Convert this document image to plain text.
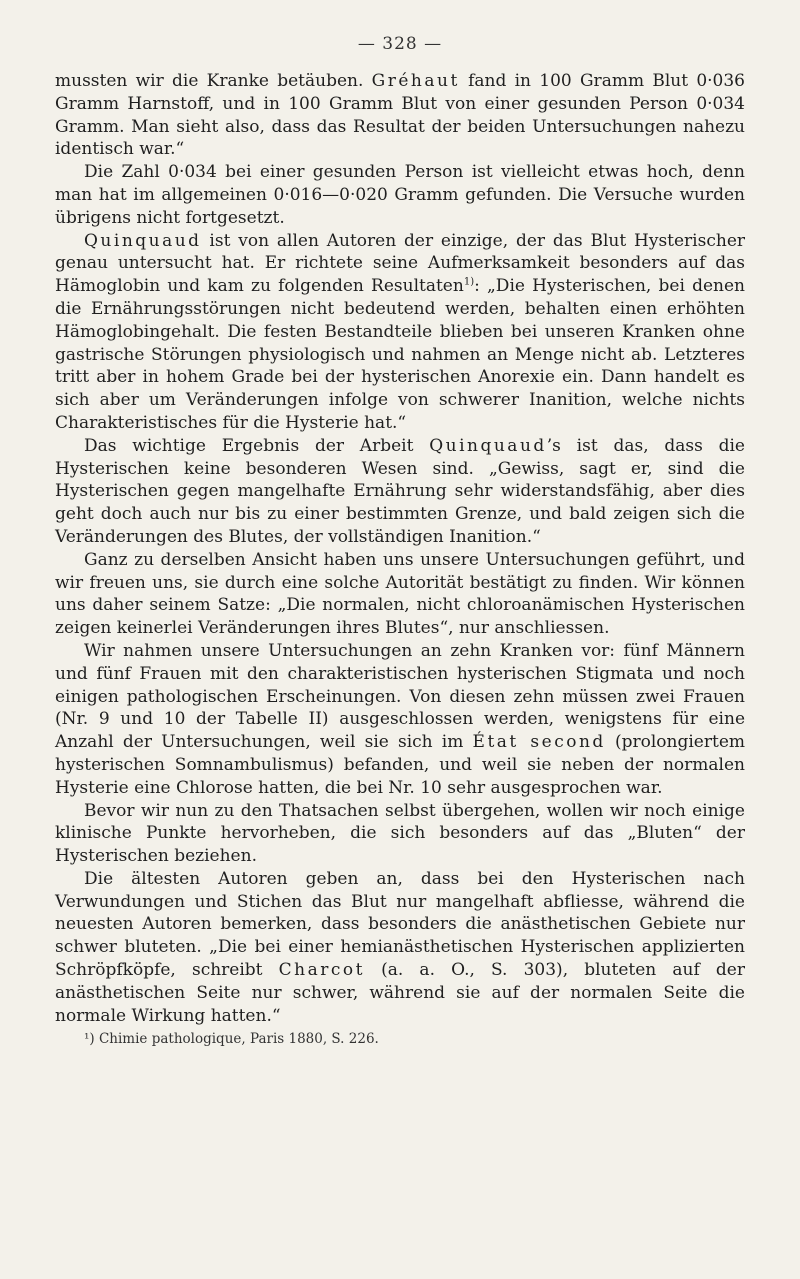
— 328 —

mussten wir die Kranke betäuben. Gréhaut fand in 100 Gramm Blut 0·036 Gramm Harnstoff, und in 100 Gramm Blut von einer gesunden Person 0·034 Gramm. Man sieht also, dass das Resultat der beiden Untersuchungen nahezu identisch war.“

Die Zahl 0·034 bei einer gesunden Person ist vielleicht etwas hoch, denn man hat im allgemeinen 0·016—0·020 Gramm gefunden. Die Versuche wurden übrigens nicht fortgesetzt.

Quinquaud ist von allen Autoren der einzige, der das Blut Hysterischer genau untersucht hat. Er richtete seine Aufmerksamkeit besonders auf das Hämoglobin und kam zu folgenden Resultaten$^{1)}$: „Die Hysterischen, bei denen die Ernährungsstörungen nicht bedeutend werden, behalten einen erhöhten Hämoglobingehalt. Die festen Bestandteile blieben bei unseren Kranken ohne gastrische Störungen physiologisch und nahmen an Menge nicht ab. Letzteres tritt aber in hohem Grade bei der hysterischen Anorexie ein. Dann handelt es sich aber um Veränderungen infolge von schwerer Inanition, welche nichts Charakteristisches für die Hysterie hat.“

Das wichtige Ergebnis der Arbeit Quinquaud’s ist das, dass die Hysterischen keine besonderen Wesen sind. „Gewiss, sagt er, sind die Hysterischen gegen mangelhafte Ernährung sehr widerstandsfähig, aber dies geht doch auch nur bis zu einer bestimmten Grenze, und bald zeigen sich die Veränderungen des Blutes, der vollständigen Inanition.“

Ganz zu derselben Ansicht haben uns unsere Untersuchungen geführt, und wir freuen uns, sie durch eine solche Autorität bestätigt zu finden. Wir können uns daher seinem Satze: „Die normalen, nicht chloroanämischen Hysterischen zeigen keinerlei Veränderungen ihres Blutes“, nur anschliessen.

Wir nahmen unsere Untersuchungen an zehn Kranken vor: fünf Männern und fünf Frauen mit den charakteristischen hysterischen Stigmata und noch einigen pathologischen Erscheinungen. Von diesen zehn müssen zwei Frauen (Nr. 9 und 10 der Tabelle II) ausgeschlossen werden, wenigstens für eine Anzahl der Untersuchungen, weil sie sich im État second (prolongiertem hysterischen Somnambulismus) befanden, und weil sie neben der normalen Hysterie eine Chlorose hatten, die bei Nr. 10 sehr ausgesprochen war.

Bevor wir nun zu den Thatsachen selbst übergehen, wollen wir noch einige klinische Punkte hervorheben, die sich besonders auf das „Bluten“ der Hysterischen beziehen.

Die ältesten Autoren geben an, dass bei den Hysterischen nach Verwundungen und Stichen das Blut nur mangelhaft abfliesse, während die neuesten Autoren bemerken, dass besonders die anästhetischen Gebiete nur schwer bluteten. „Die bei einer hemianästhetischen Hysterischen applizierten Schröpfköpfe, schreibt Charcot (a. a. O., S. 303), bluteten auf der anästhetischen Seite nur schwer, während sie auf der normalen Seite die normale Wirkung hatten.“

¹) Chimie pathologique, Paris 1880, S. 226.
